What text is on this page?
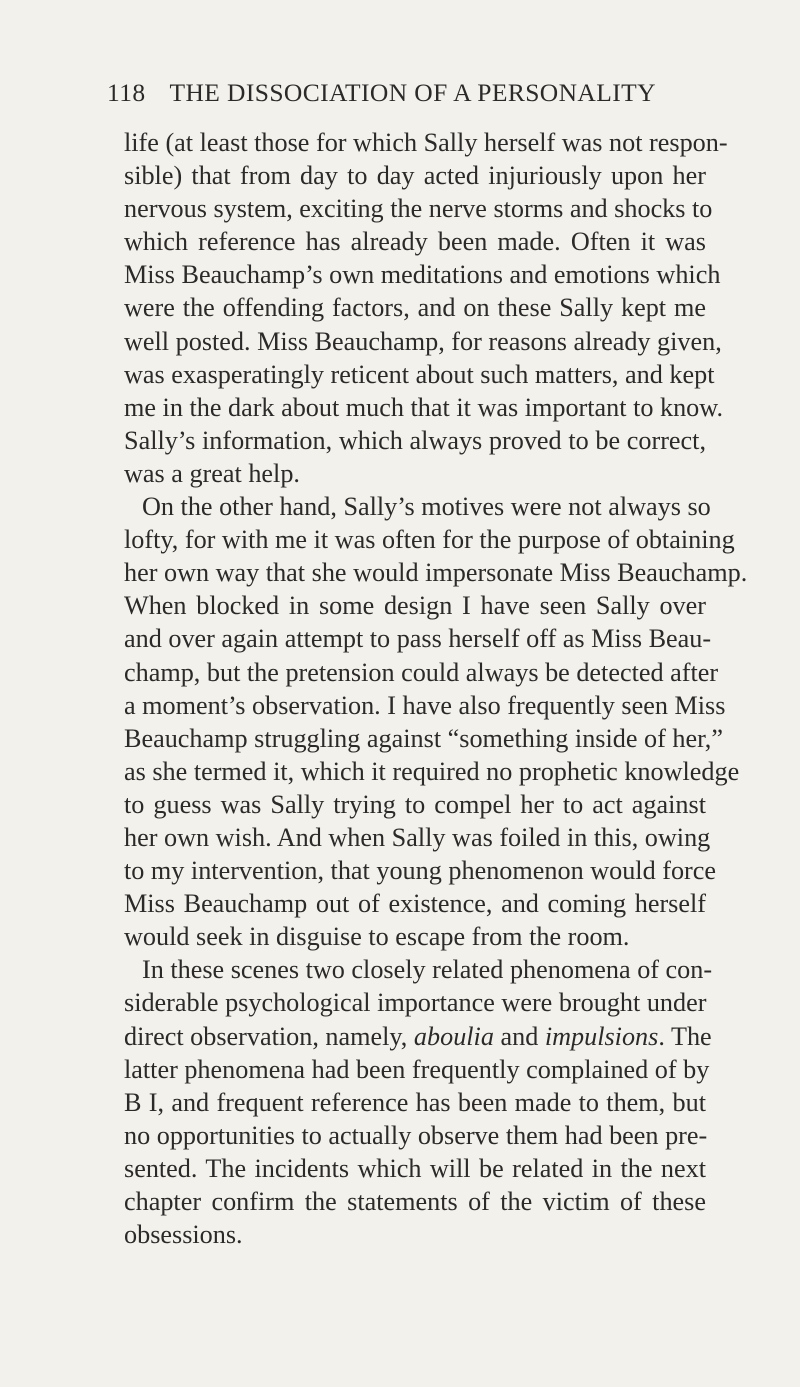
118 THE DISSOCIATION OF A PERSONALITY
life (at least those for which Sally herself was not respon-
sible) that from day to day acted injuriously upon her
nervous system, exciting the nerve storms and shocks to
which reference has already been made. Often it was
Miss Beauchamp’s own meditations and emotions which
were the offending factors, and on these Sally kept me
well posted. Miss Beauchamp, for reasons already given,
was exasperatingly reticent about such matters, and kept
me in the dark about much that it was important to know.
Sally’s information, which always proved to be correct,
was a great help.
On the other hand, Sally’s motives were not always so
lofty, for with me it was often for the purpose of obtaining
her own way that she would impersonate Miss Beauchamp.
When blocked in some design I have seen Sally over
and over again attempt to pass herself off as Miss Beau-
champ, but the pretension could always be detected after
a moment’s observation. I have also frequently seen Miss
Beauchamp struggling against “something inside of her,”
as she termed it, which it required no prophetic knowledge
to guess was Sally trying to compel her to act against
her own wish. And when Sally was foiled in this, owing
to my intervention, that young phenomenon would force
Miss Beauchamp out of existence, and coming herself
would seek in disguise to escape from the room.
In these scenes two closely related phenomena of con-
siderable psychological importance were brought under
direct observation, namely, aboulia and impulsions. The
latter phenomena had been frequently complained of by
B I, and frequent reference has been made to them, but
no opportunities to actually observe them had been pre-
sented. The incidents which will be related in the next
chapter confirm the statements of the victim of these
obsessions.
